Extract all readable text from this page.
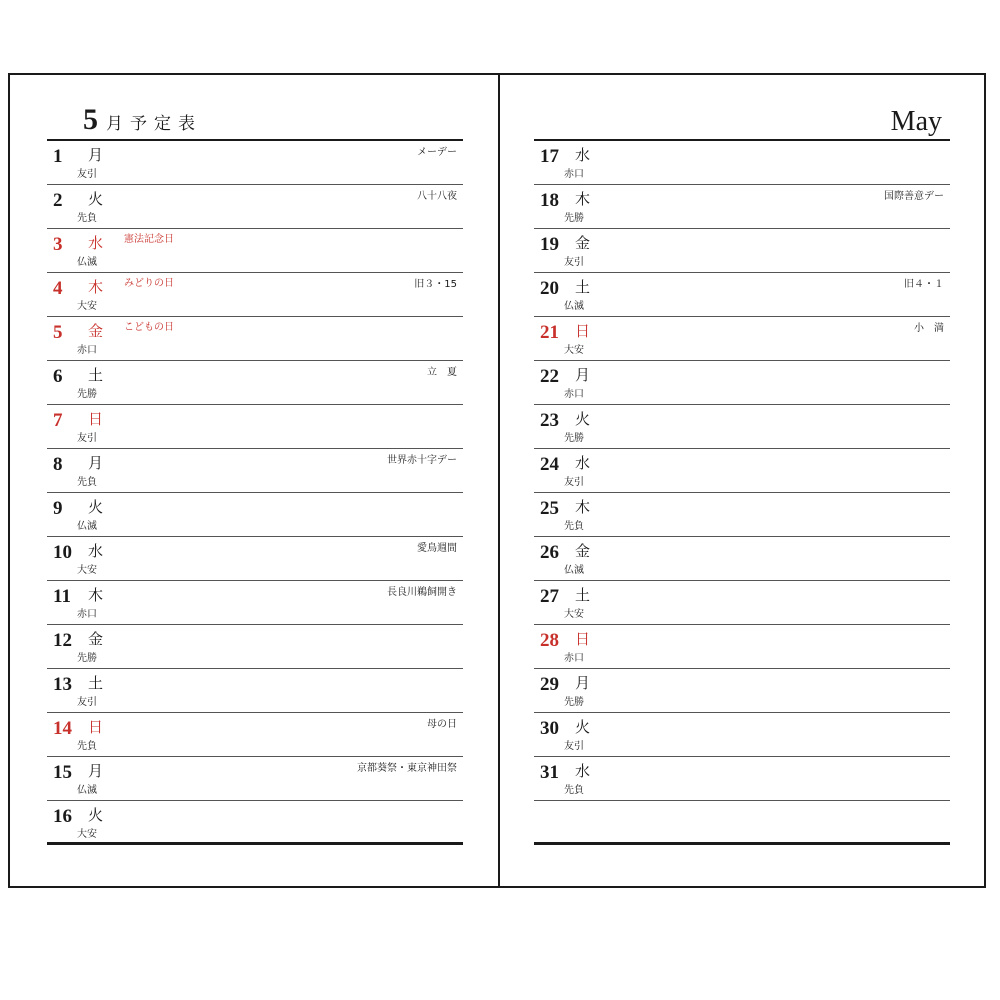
5 月予定表
1 月
友引
メーデー
2 火
先負
八十八夜
3 水
仏滅
憲法記念日
4 木
大安
みどりの日	旧３・15
5 金
赤口
こどもの日
6 土
先勝
立　夏
7 日
友引
8 月
先負
世界赤十字デー
9 火
仏滅
10 水
大安
愛鳥週間
11 木
赤口
長良川鵜飼開き
12 金
先勝
13 土
友引
14 日
先負
母の日
15 月
仏滅
京都葵祭・東京神田祭
16 火
大安
May
17 水
赤口
18 木
先勝
国際善意デー
19 金
友引
20 土
仏滅
旧４・１
21 日
大安
小　満
22 月
赤口
23 火
先勝
24 水
友引
25 木
先負
26 金
仏滅
27 土
大安
28 日
赤口
29 月
先勝
30 火
友引
31 水
先負
